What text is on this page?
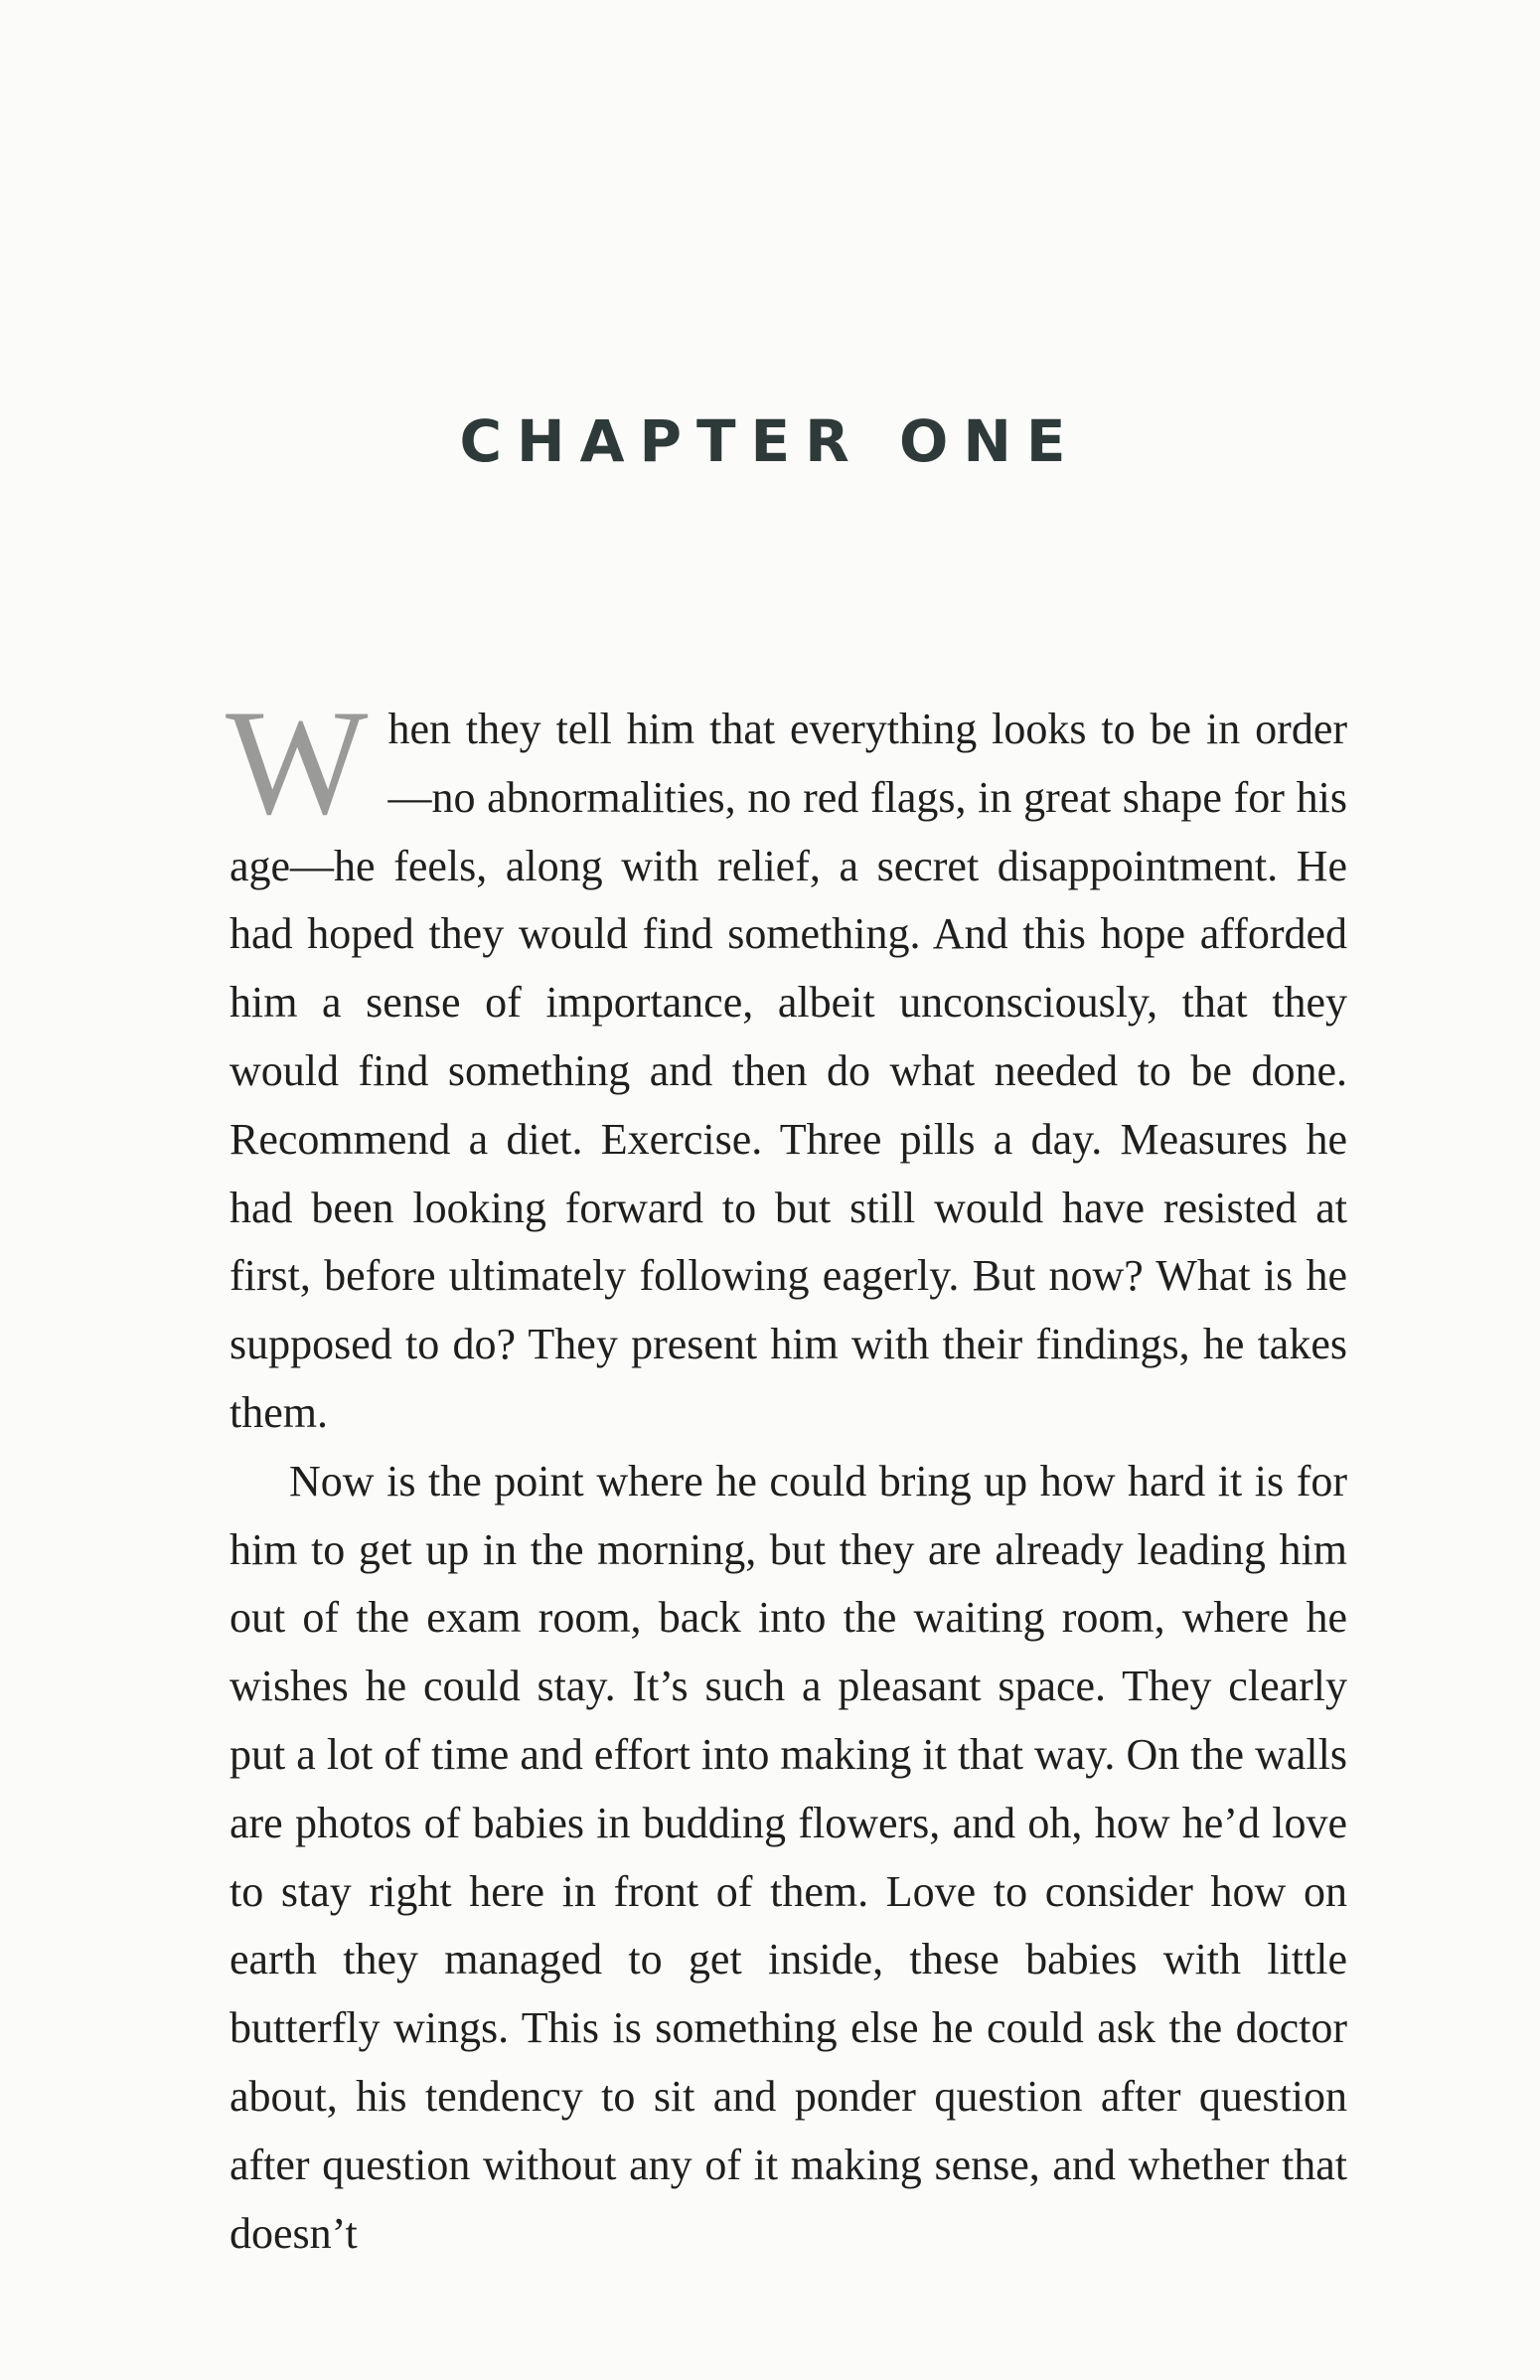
CHAPTER ONE

When they tell him that everything looks to be in order—no abnormalities, no red flags, in great shape for his age—he feels, along with relief, a secret disappointment. He had hoped they would find something. And this hope afforded him a sense of importance, albeit unconsciously, that they would find something and then do what needed to be done. Recommend a diet. Exercise. Three pills a day. Measures he had been looking forward to but still would have resisted at first, before ultimately following eagerly. But now? What is he supposed to do? They present him with their findings, he takes them.

Now is the point where he could bring up how hard it is for him to get up in the morning, but they are already leading him out of the exam room, back into the waiting room, where he wishes he could stay. It’s such a pleasant space. They clearly put a lot of time and effort into making it that way. On the walls are photos of babies in budding flowers, and oh, how he’d love to stay right here in front of them. Love to consider how on earth they managed to get inside, these babies with little butterfly wings. This is something else he could ask the doctor about, his tendency to sit and ponder question after question after question without any of it making sense, and whether that doesn’t
